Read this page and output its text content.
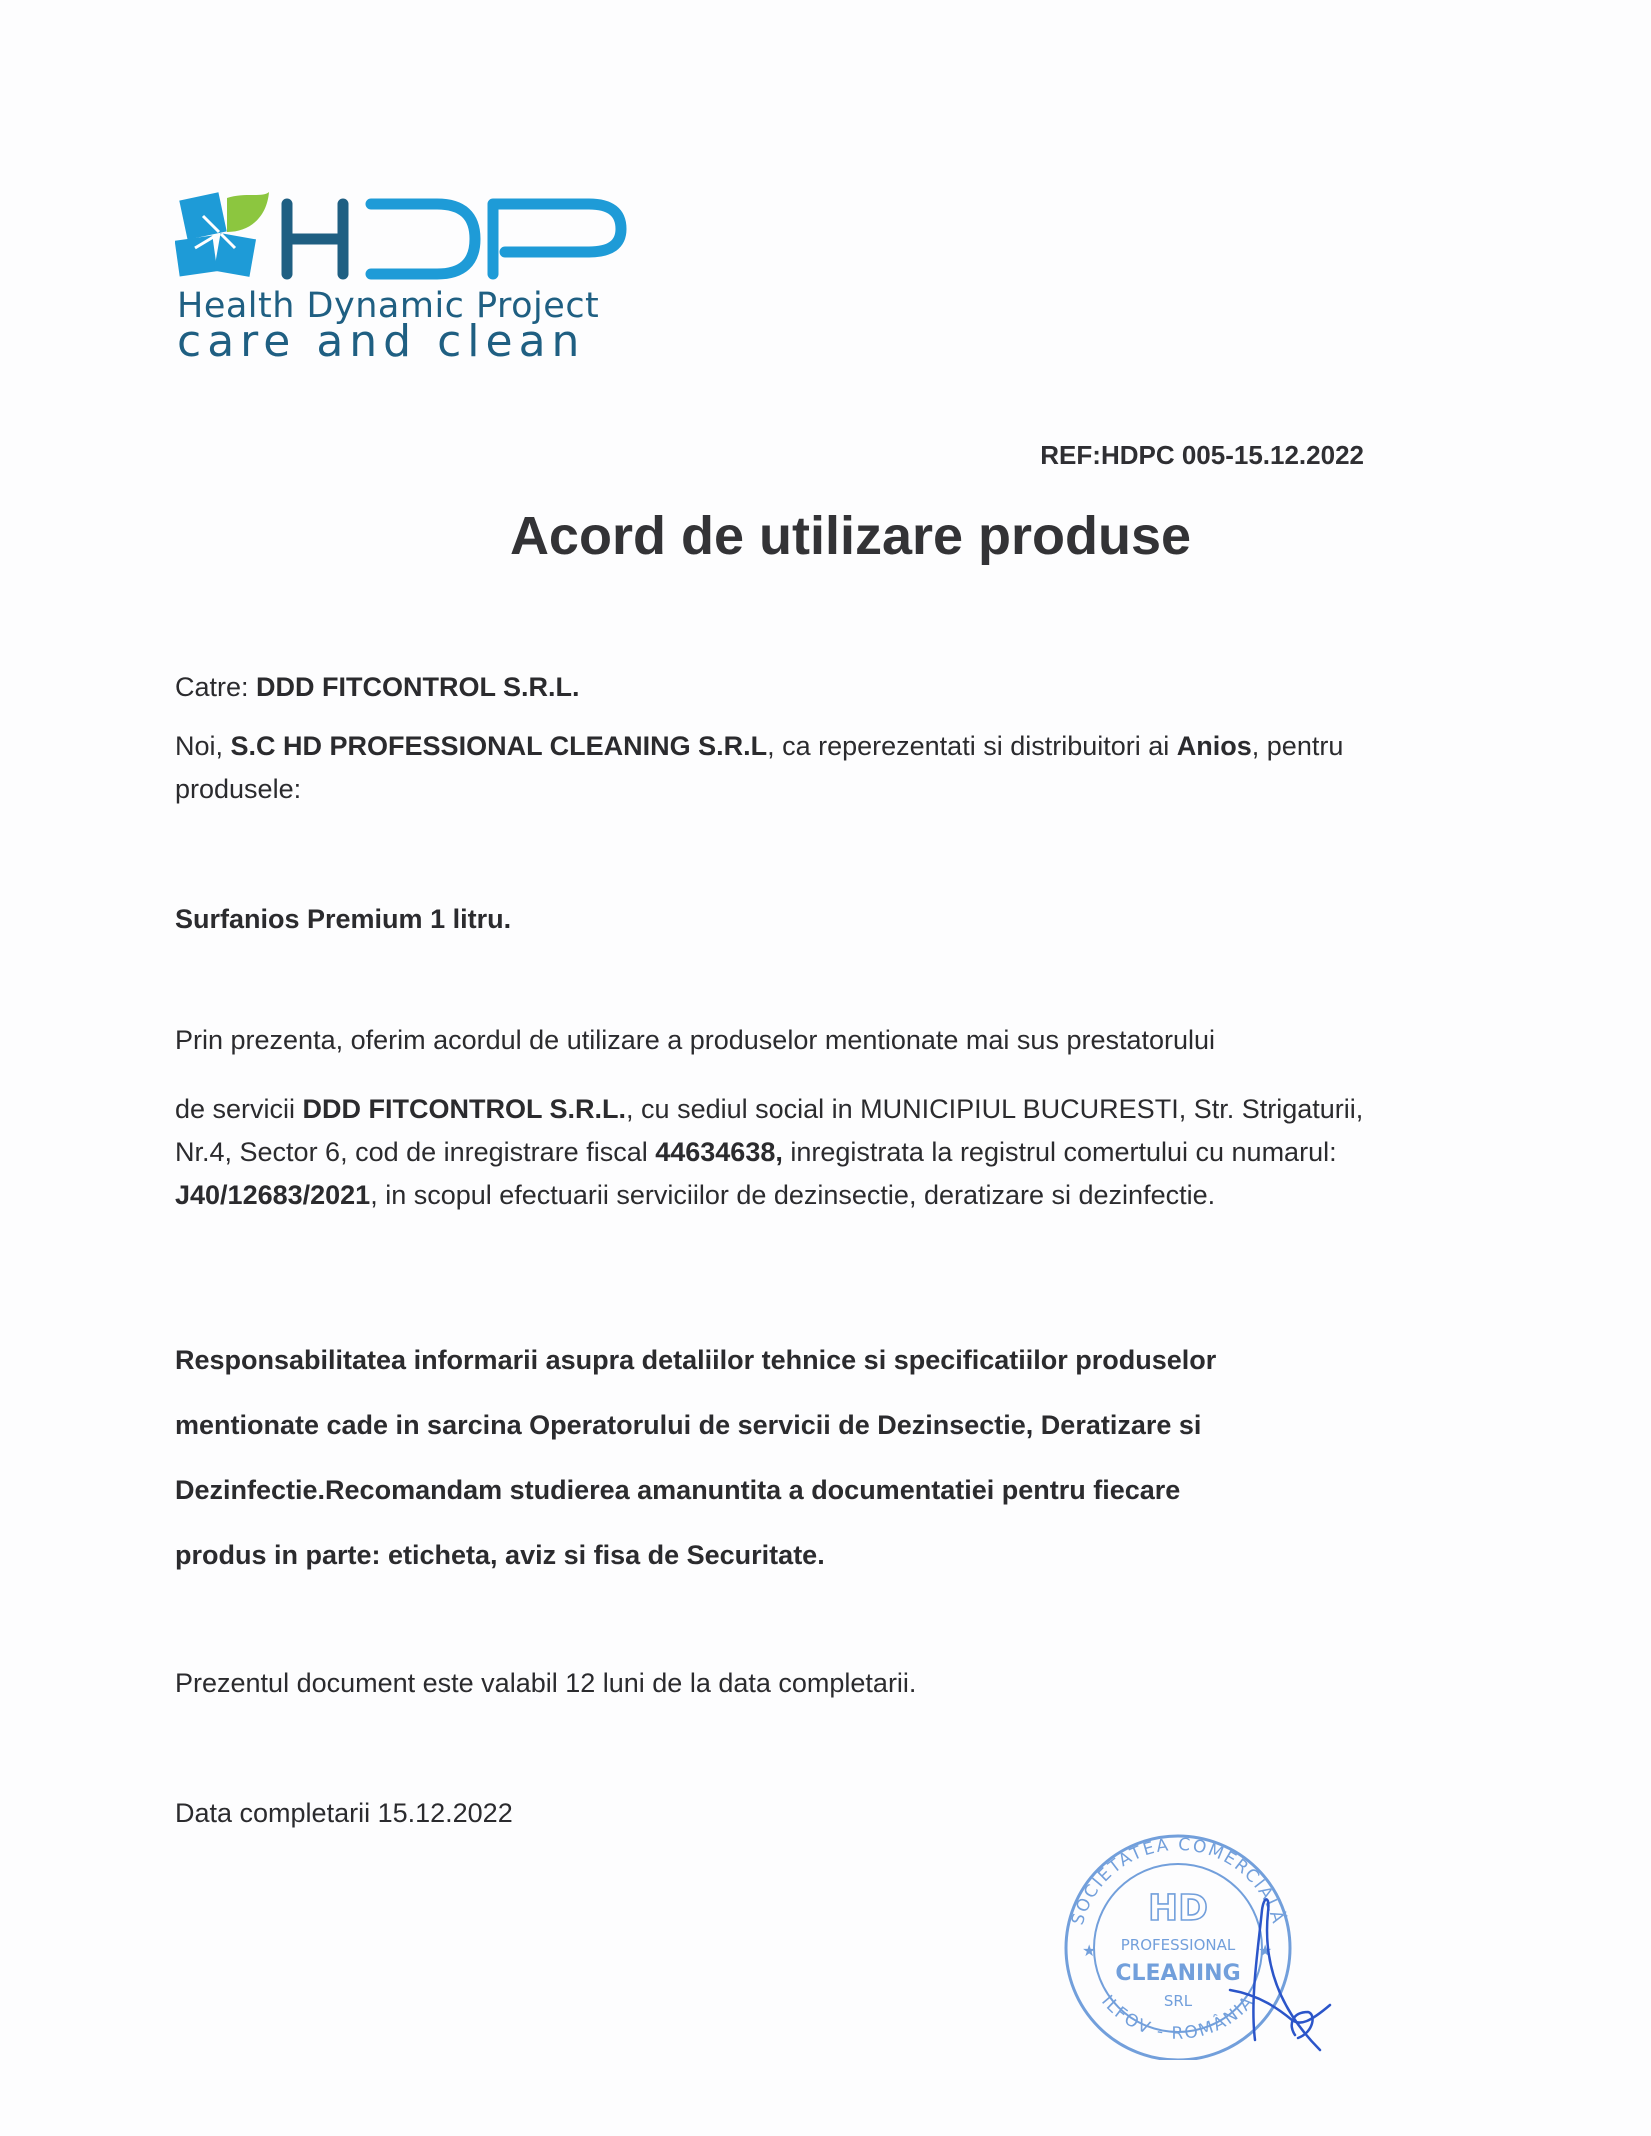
Health Dynamic Project
care and clean
REF:HDPC 005-15.12.2022
Acord de utilizare produse
Catre: DDD FITCONTROL S.R.L.
Noi, S.C HD PROFESSIONAL CLEANING S.R.L, ca reperezentati si distribuitori ai Anios, pentru produsele:
Surfanios Premium 1 litru.
Prin prezenta, oferim acordul de utilizare a produselor mentionate mai sus prestatorului
de servicii DDD FITCONTROL S.R.L., cu sediul social in MUNICIPIUL BUCURESTI, Str. Strigaturii, Nr.4, Sector 6, cod de inregistrare fiscal 44634638, inregistrata la registrul comertului cu numarul: J40/12683/2021, in scopul efectuarii serviciilor de dezinsectie, deratizare si dezinfectie.
Responsabilitatea informarii asupra detaliilor tehnice si specificatiilor produselor
mentionate cade in sarcina Operatorului de servicii de Dezinsectie, Deratizare si
Dezinfectie.Recomandam studierea amanuntita a documentatiei pentru fiecare
produs in parte: eticheta, aviz si fisa de Securitate.
Prezentul document este valabil 12 luni de la data completarii.
Data completarii 15.12.2022
SOCIETATEA COMERCIALĂ
ILFOV - ROMÂNIA
HD
PROFESSIONAL
CLEANING
SRL
★	★
